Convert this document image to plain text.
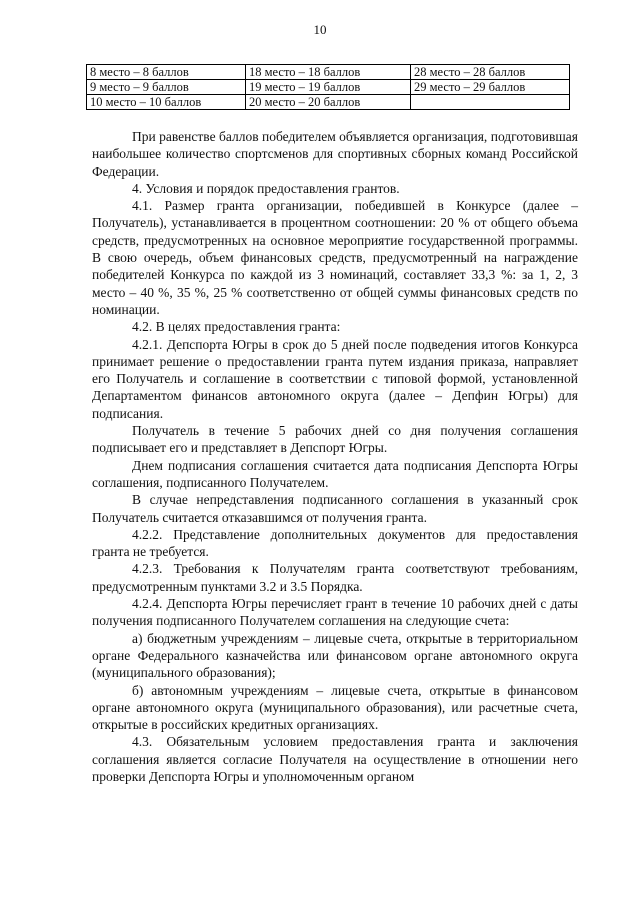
10
8 место – 8 баллов	18 место – 18 баллов	28 место – 28 баллов
9 место – 9 баллов	19 место – 19 баллов	29 место – 29 баллов
10 место – 10 баллов	20 место – 20 баллов	

При равенстве баллов победителем объявляется организация, подготовившая наибольшее количество спортсменов для спортивных сборных команд Российской Федерации.

4. Условия и порядок предоставления грантов.

4.1. Размер гранта организации, победившей в Конкурсе (далее – Получатель), устанавливается в процентном соотношении: 20 % от общего объема средств, предусмотренных на основное мероприятие государственной программы. В свою очередь, объем финансовых средств, предусмотренный на награждение победителей Конкурса по каждой из 3 номинаций, составляет 33,3 %: за 1, 2, 3 место – 40 %, 35 %, 25 % соответственно от общей суммы финансовых средств по номинации.

4.2. В целях предоставления гранта:

4.2.1. Депспорта Югры в срок до 5 дней после подведения итогов Конкурса принимает решение о предоставлении гранта путем издания приказа, направляет его Получатель и соглашение в соответствии с типовой формой, установленной Департаментом финансов автономного округа (далее – Депфин Югры) для подписания.

Получатель в течение 5 рабочих дней со дня получения соглашения подписывает его и представляет в Депспорт Югры.

Днем подписания соглашения считается дата подписания Депспорта Югры соглашения, подписанного Получателем.

В случае непредставления подписанного соглашения в указанный срок Получатель считается отказавшимся от получения гранта.

4.2.2. Представление дополнительных документов для предоставления гранта не требуется.

4.2.3. Требования к Получателям гранта соответствуют требованиям, предусмотренным пунктами 3.2 и 3.5 Порядка.

4.2.4. Депспорта Югры перечисляет грант в течение 10 рабочих дней с даты получения подписанного Получателем соглашения на следующие счета:

а) бюджетным учреждениям – лицевые счета, открытые в территориальном органе Федерального казначейства или финансовом органе автономного округа (муниципального образования);

б) автономным учреждениям – лицевые счета, открытые в финансовом органе автономного округа (муниципального образования), или расчетные счета, открытые в российских кредитных организациях.

4.3. Обязательным условием предоставления гранта и заключения соглашения является согласие Получателя на осуществление в отношении него проверки Депспорта Югры и уполномоченным органом
